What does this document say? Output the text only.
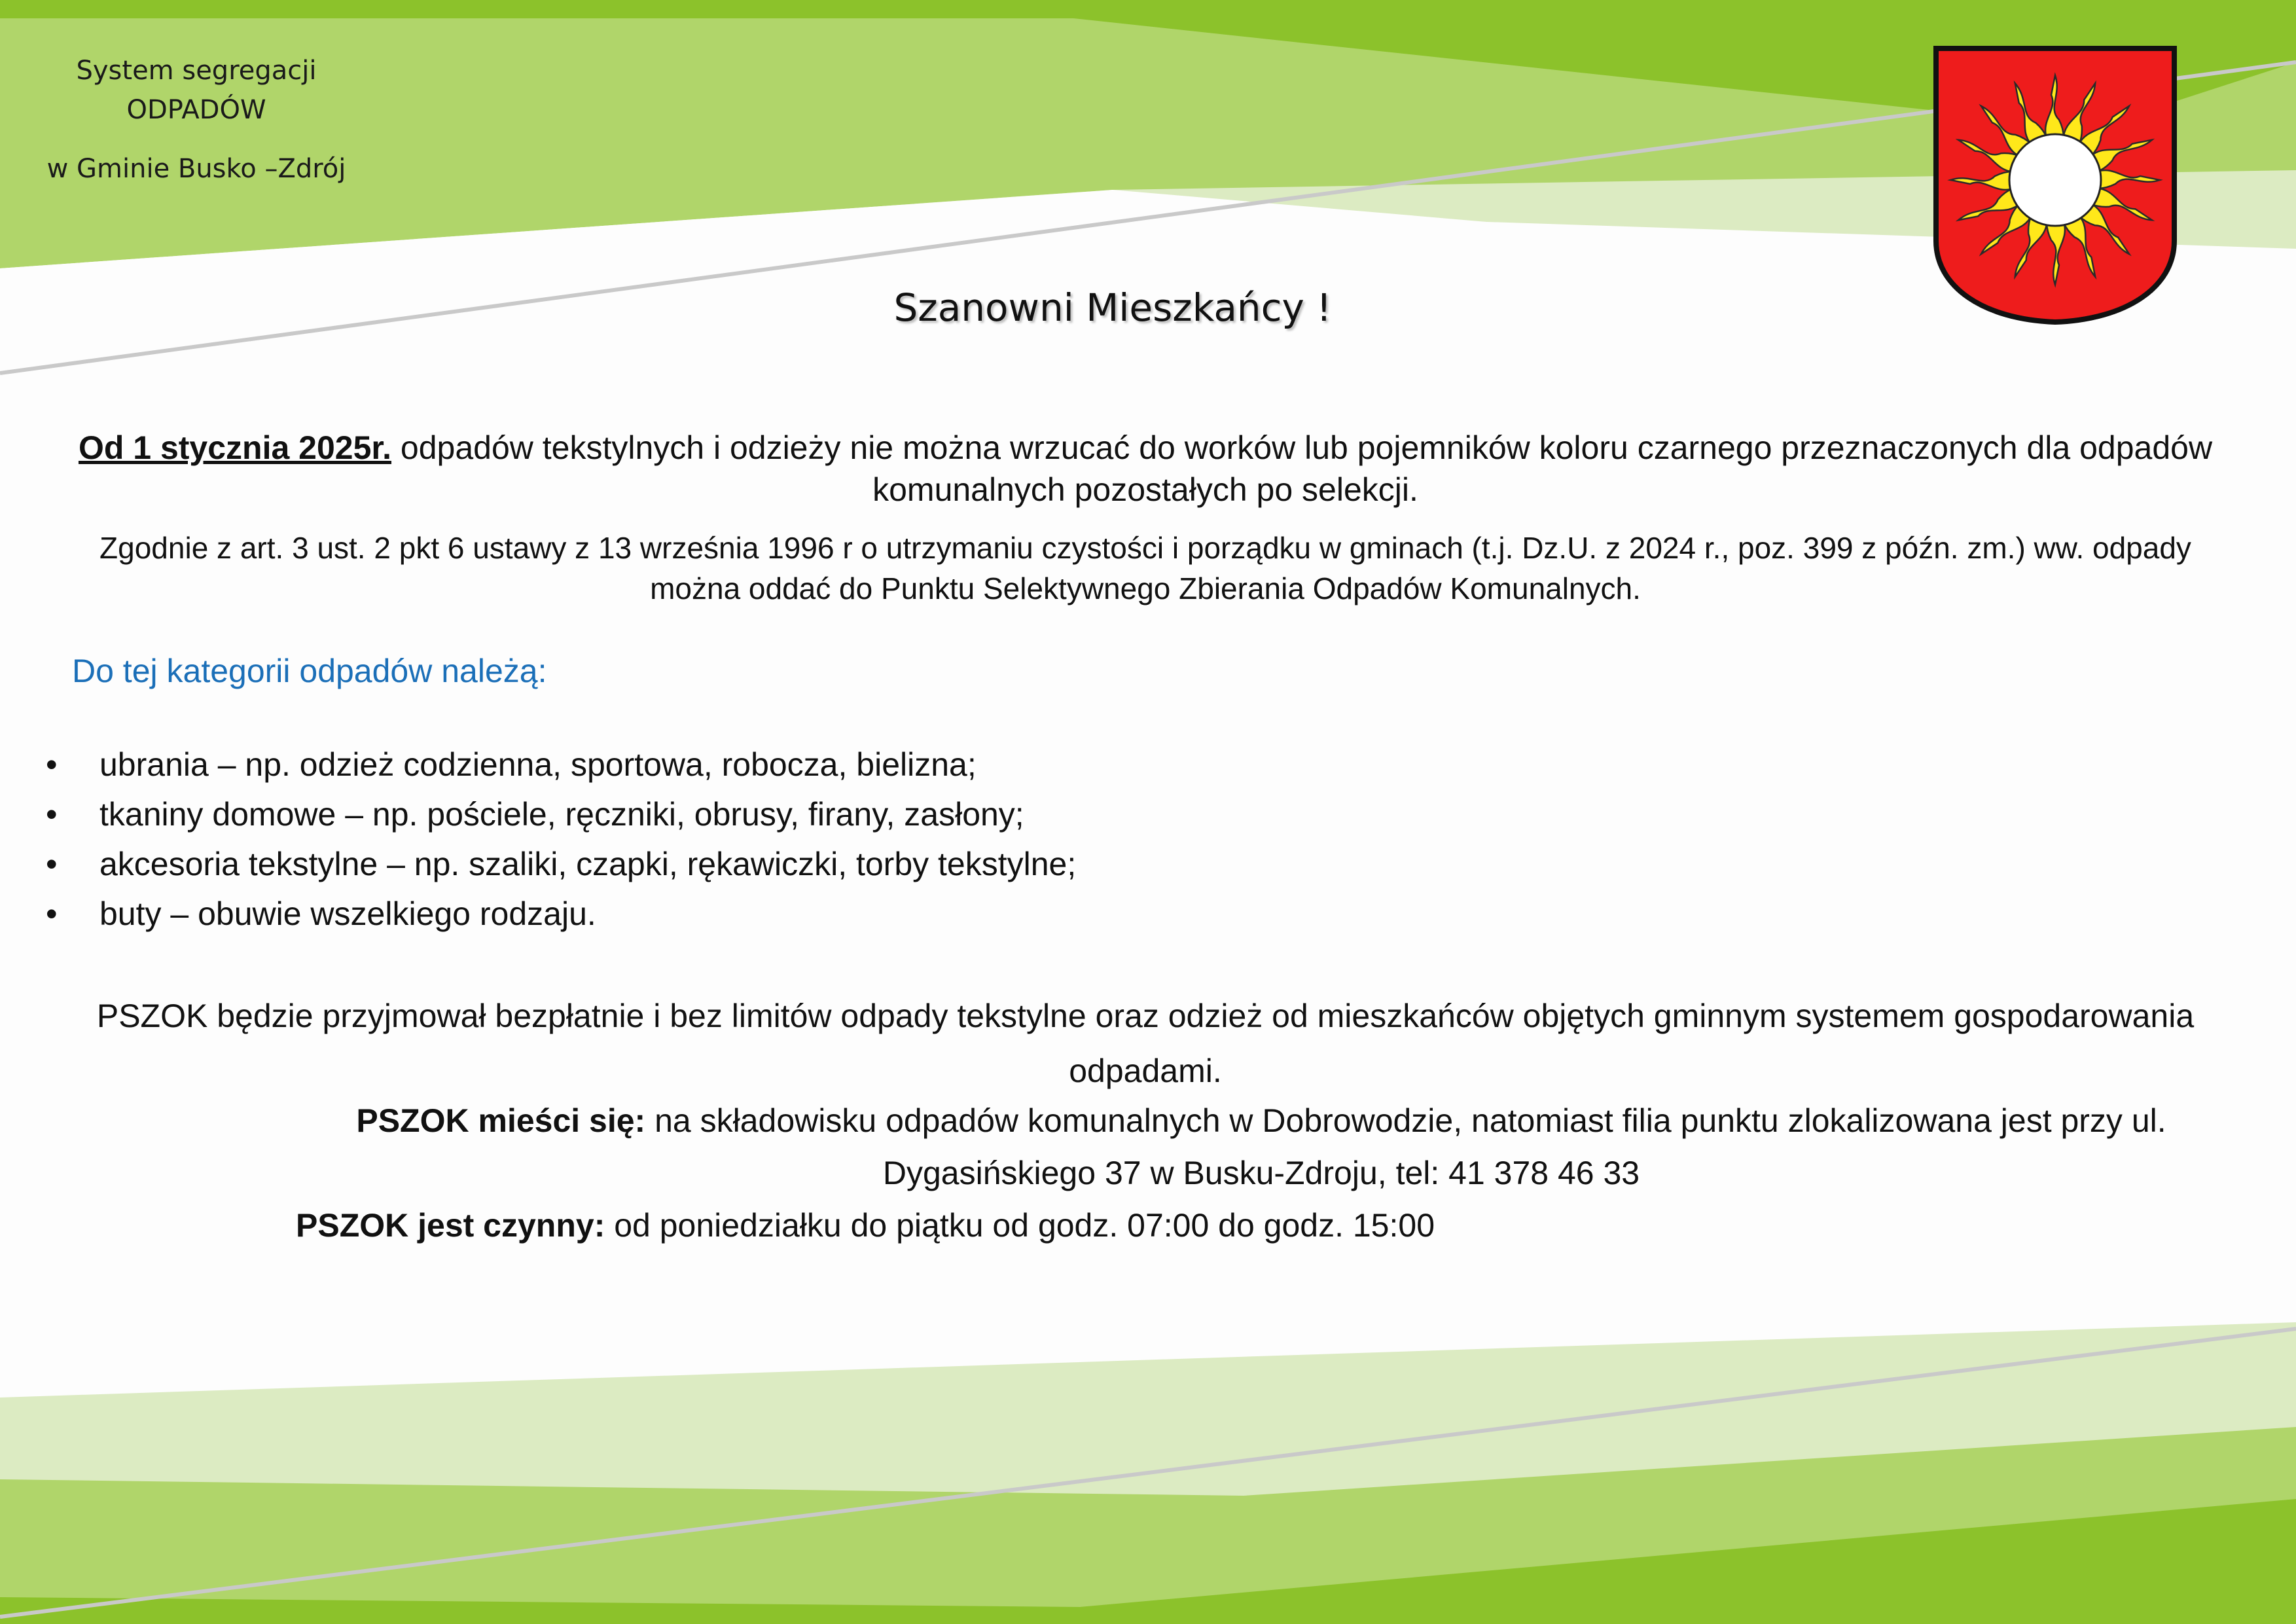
System segregacji
ODPADÓW
w Gminie Busko –Zdrój
Szanowni Mieszkańcy !
Od 1 stycznia 2025r. odpadów tekstylnych i odzieży nie można wrzucać do worków lub pojemników koloru czarnego przeznaczonych dla odpadów komunalnych pozostałych po selekcji.
Zgodnie z art. 3 ust. 2 pkt 6 ustawy z 13 września 1996 r o utrzymaniu czystości i porządku w gminach (t.j. Dz.U. z 2024 r., poz. 399 z późn. zm.) ww. odpady można oddać do Punktu Selektywnego Zbierania Odpadów Komunalnych.
Do tej kategorii odpadów należą:
• ubrania – np. odzież codzienna, sportowa, robocza, bielizna;
• tkaniny domowe – np. pościele, ręczniki, obrusy, firany, zasłony;
• akcesoria tekstylne – np. szaliki, czapki, rękawiczki, torby tekstylne;
• buty – obuwie wszelkiego rodzaju.
PSZOK będzie przyjmował bezpłatnie i bez limitów odpady tekstylne oraz odzież od mieszkańców objętych gminnym systemem gospodarowania odpadami.
PSZOK mieści się: na składowisku odpadów komunalnych w Dobrowodzie, natomiast filia punktu zlokalizowana jest przy ul. Dygasińskiego 37 w Busku-Zdroju, tel: 41 378 46 33
PSZOK jest czynny: od poniedziałku do piątku od godz. 07:00 do godz. 15:00
